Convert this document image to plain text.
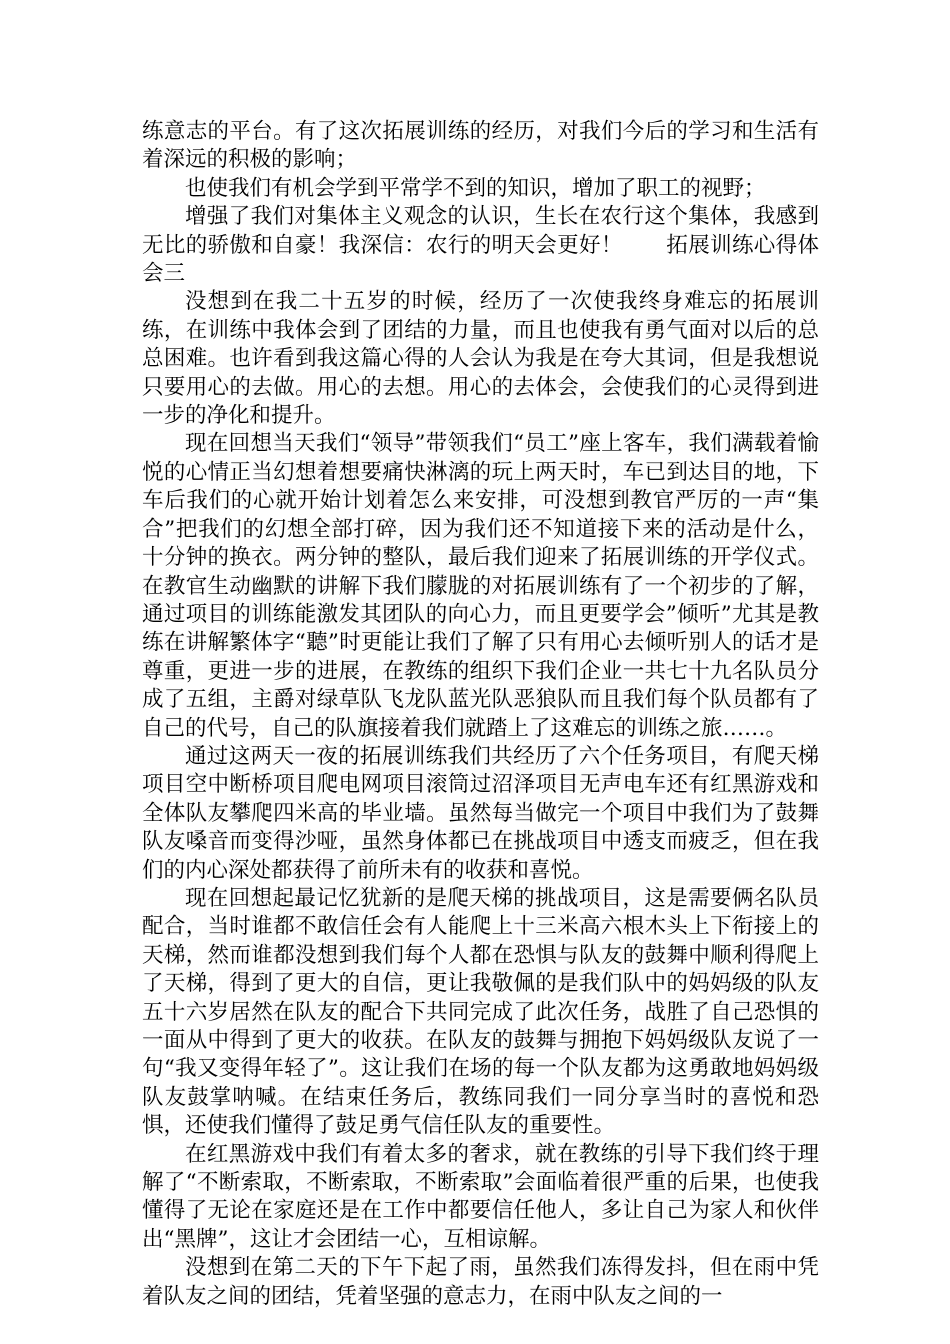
练意志的平台。有了这次拓展训练的经历，对我们今后的学习和生活有着深远的积极的影响；

也使我们有机会学到平常学不到的知识，增加了职工的视野；

增强了我们对集体主义观念的认识，生长在农行这个集体，我感到无比的骄傲和自豪！我深信：农行的明天会更好！　　拓展训练心得体会三

没想到在我二十五岁的时候，经历了一次使我终身难忘的拓展训练，在训练中我体会到了团结的力量，而且也使我有勇气面对以后的总总困难。也许看到我这篇心得的人会认为我是在夸大其词，但是我想说只要用心的去做。用心的去想。用心的去体会，会使我们的心灵得到进一步的净化和提升。

现在回想当天我们“领导”带领我们“员工”座上客车，我们满载着愉悦的心情正当幻想着想要痛快淋漓的玩上两天时，车已到达目的地，下车后我们的心就开始计划着怎么来安排，可没想到教官严厉的一声“集合”把我们的幻想全部打碎，因为我们还不知道接下来的活动是什么，十分钟的换衣。两分钟的整队，最后我们迎来了拓展训练的开学仪式。在教官生动幽默的讲解下我们朦胧的对拓展训练有了一个初步的了解，通过项目的训练能激发其团队的向心力，而且更要学会”倾听”尤其是教练在讲解繁体字“聽”时更能让我们了解了只有用心去倾听别人的话才是尊重，更进一步的进展，在教练的组织下我们企业一共七十九名队员分成了五组，主爵对绿草队飞龙队蓝光队恶狼队而且我们每个队员都有了自己的代号，自己的队旗接着我们就踏上了这难忘的训练之旅……。

通过这两天一夜的拓展训练我们共经历了六个任务项目，有爬天梯项目空中断桥项目爬电网项目滚筒过沼泽项目无声电车还有红黑游戏和全体队友攀爬四米高的毕业墙。虽然每当做完一个项目中我们为了鼓舞队友嗓音而变得沙哑，虽然身体都已在挑战项目中透支而疲乏，但在我们的内心深处都获得了前所未有的收获和喜悦。

现在回想起最记忆犹新的是爬天梯的挑战项目，这是需要俩名队员配合，当时谁都不敢信任会有人能爬上十三米高六根木头上下衔接上的天梯，然而谁都没想到我们每个人都在恐惧与队友的鼓舞中顺利得爬上了天梯，得到了更大的自信，更让我敬佩的是我们队中的妈妈级的队友五十六岁居然在队友的配合下共同完成了此次任务，战胜了自己恐惧的一面从中得到了更大的收获。在队友的鼓舞与拥抱下妈妈级队友说了一句“我又变得年轻了”。这让我们在场的每一个队友都为这勇敢地妈妈级队友鼓掌呐喊。在结束任务后，教练同我们一同分享当时的喜悦和恐惧，还使我们懂得了鼓足勇气信任队友的重要性。

在红黑游戏中我们有着太多的奢求，就在教练的引导下我们终于理解了“不断索取，不断索取，不断索取”会面临着很严重的后果，也使我懂得了无论在家庭还是在工作中都要信任他人，多让自己为家人和伙伴出“黑牌”，这让才会团结一心，互相谅解。

没想到在第二天的下午下起了雨，虽然我们冻得发抖，但在雨中凭着队友之间的团结，凭着坚强的意志力，在雨中队友之间的一
